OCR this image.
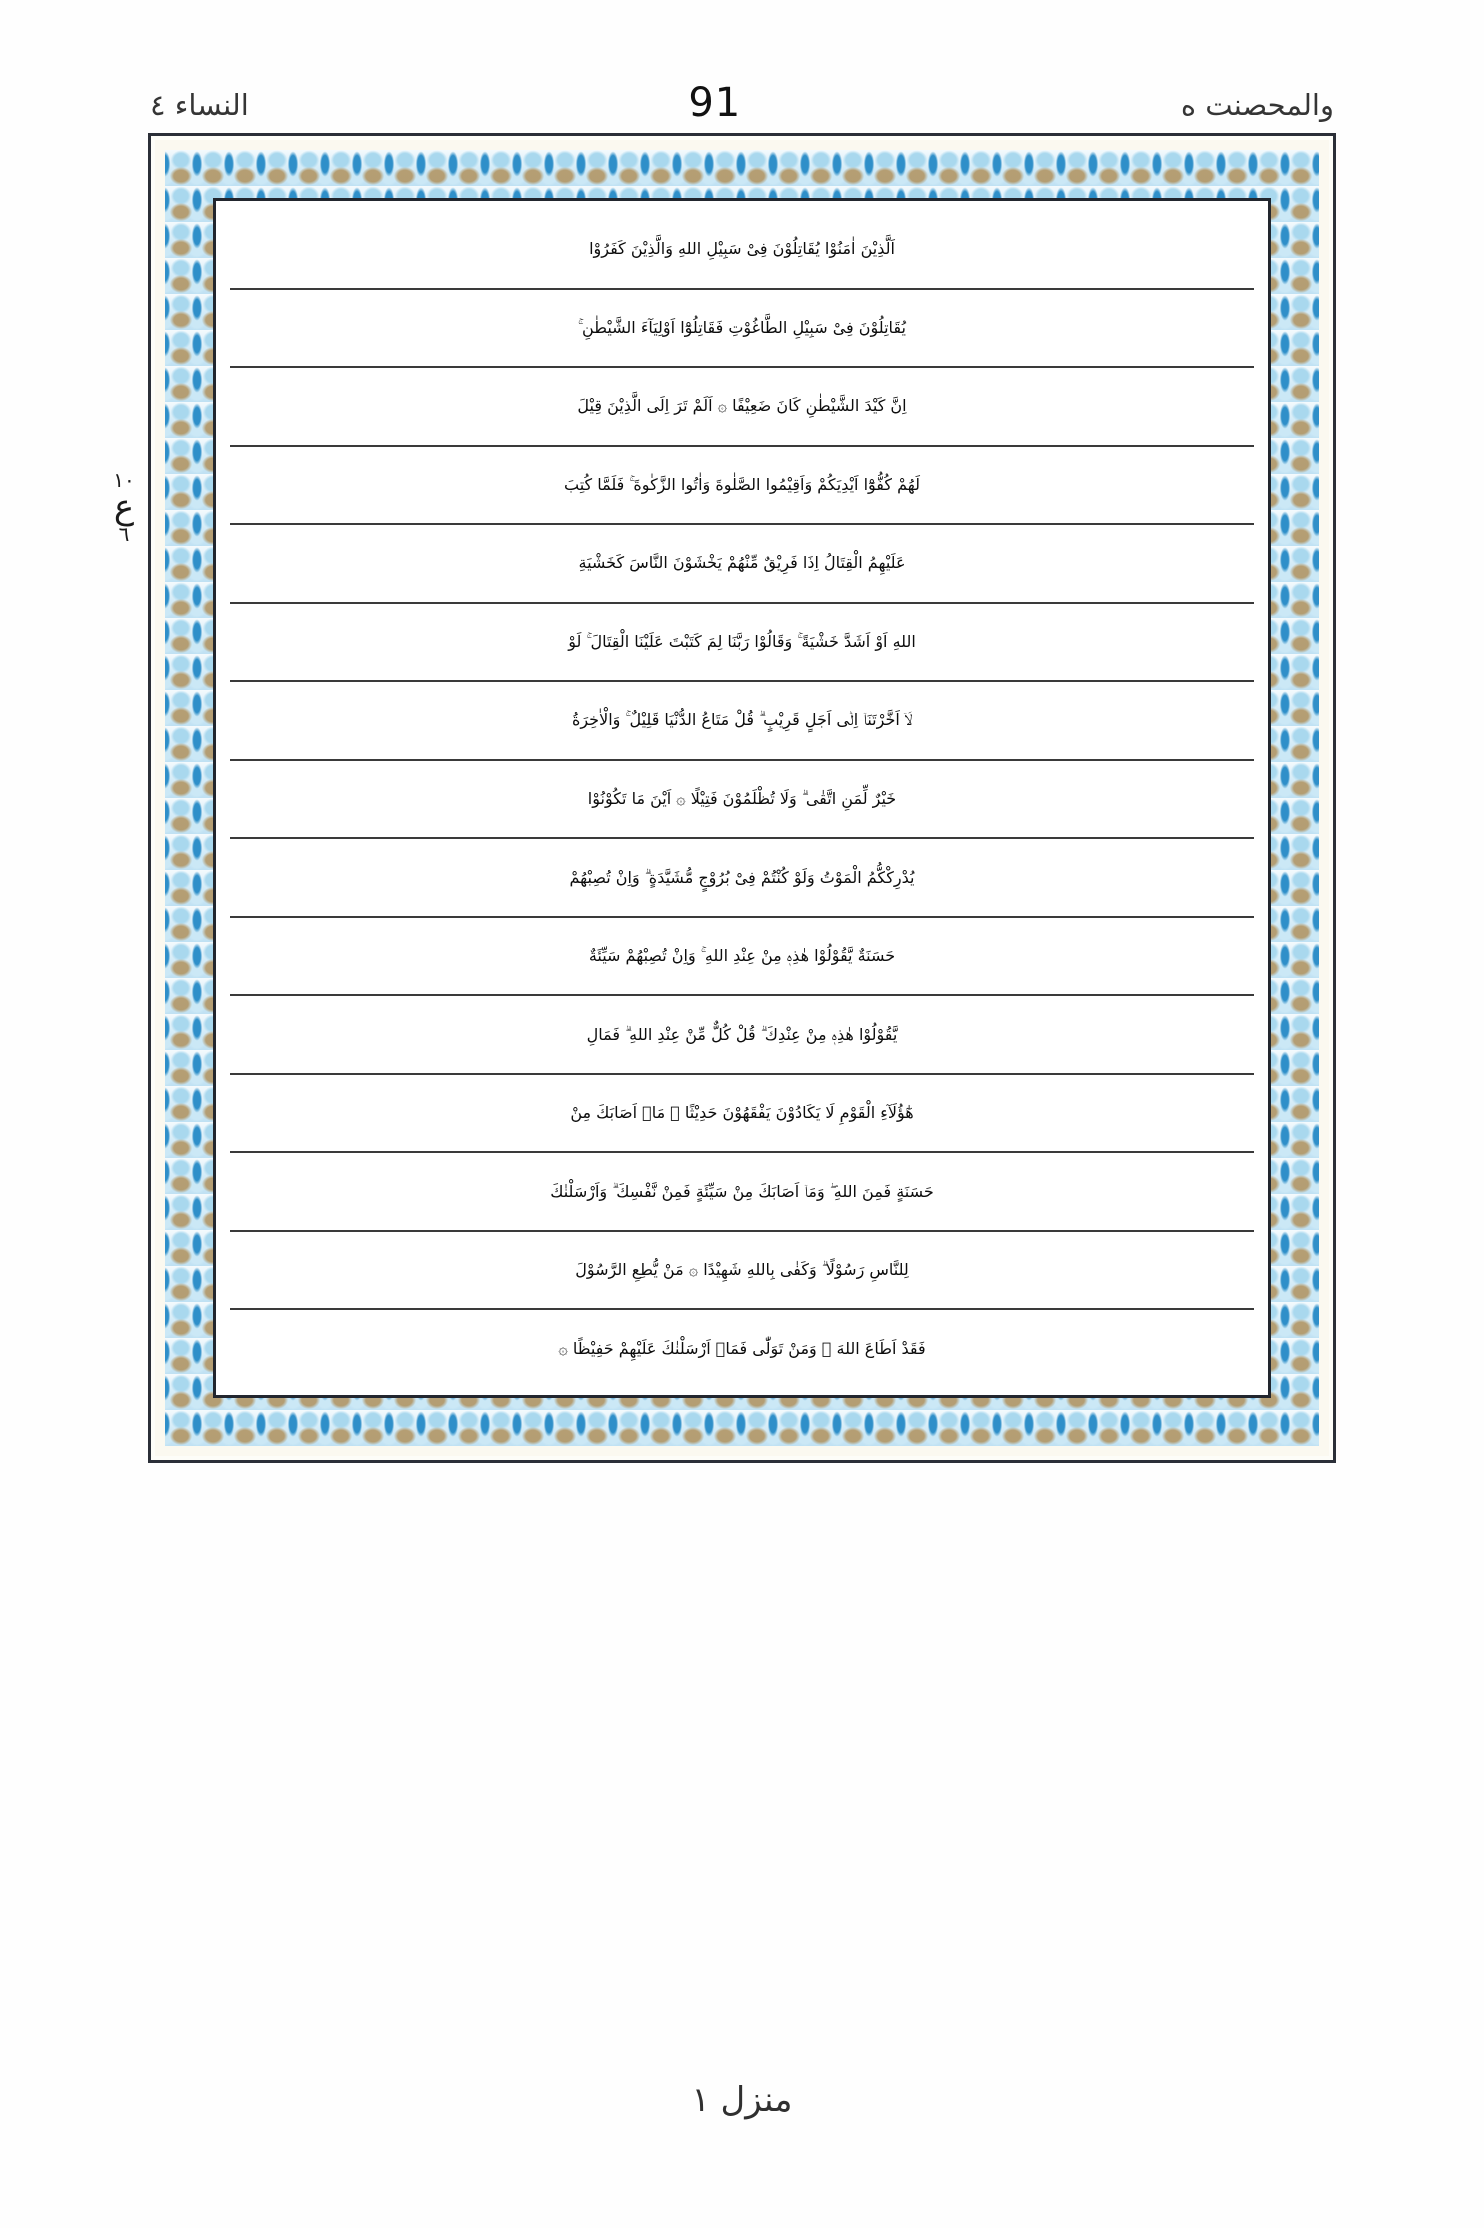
النساء ٤	91	والمحصنت ه
١٠
ع
٦
اَلَّذِيْنَ اٰمَنُوْا يُقَاتِلُوْنَ فِىْ سَبِيْلِ اللهِ وَالَّذِيْنَ كَفَرُوْا
يُقَاتِلُوْنَ فِىْ سَبِيْلِ الطَّاغُوْتِ فَقَاتِلُوْٓا اَوْلِيَآءَ الشَّيْطٰنِ ۚ
اِنَّ كَيْدَ الشَّيْطٰنِ كَانَ ضَعِيْفًا ۞ اَلَمْ تَرَ اِلَى الَّذِيْنَ قِيْلَ
لَهُمْ كُفُّوْٓا اَيْدِيَكُمْ وَاَقِيْمُوا الصَّلٰوةَ وَاٰتُوا الزَّكٰوةَ ۚ فَلَمَّا كُتِبَ
عَلَيْهِمُ الْقِتَالُ اِذَا فَرِيْقٌ مِّنْهُمْ يَخْشَوْنَ النَّاسَ كَخَشْيَةِ
اللهِ اَوْ اَشَدَّ خَشْيَةً ۚ وَقَالُوْا رَبَّنَا لِمَ كَتَبْتَ عَلَيْنَا الْقِتَالَ ۚ لَوْ
لَاۤ اَخَّرْتَنَاۤ اِلٰۤى اَجَلٍ قَرِيْبٍ ۗ قُلْ مَتَاعُ الدُّنْيَا قَلِيْلٌ ۚ وَالْاٰخِرَةُ
خَيْرٌ لِّمَنِ اتَّقٰى ۗ وَلَا تُظْلَمُوْنَ فَتِيْلًا ۞ اَيْنَ مَا تَكُوْنُوْا
يُدْرِكْكُّمُ الْمَوْتُ وَلَوْ كُنْتُمْ فِىْ بُرُوْجٍ مُّشَيَّدَةٍ ۗ وَاِنْ تُصِبْهُمْ
حَسَنَةٌ يَّقُوْلُوْا هٰذِهٖ مِنْ عِنْدِ اللهِ ۚ وَاِنْ تُصِبْهُمْ سَيِّئَةٌ
يَّقُوْلُوْا هٰذِهٖ مِنْ عِنْدِكَ ۗ قُلْ كُلٌّ مِّنْ عِنْدِ اللهِ ۗ فَمَالِ
هٰٓؤُلَآءِ الْقَوْمِ لَا يَكَادُوْنَ يَفْقَهُوْنَ حَدِيْثًا ۞ مَاۤ اَصَابَكَ مِنْ
حَسَنَةٍ فَمِنَ اللهِ ۖ وَمَاۤ اَصَابَكَ مِنْ سَيِّئَةٍ فَمِنْ نَّفْسِكَ ۗ وَاَرْسَلْنٰكَ
لِلنَّاسِ رَسُوْلًا ۗ وَكَفٰى بِاللهِ شَهِيْدًا ۞ مَنْ يُّطِعِ الرَّسُوْلَ
فَقَدْ اَطَاعَ اللهَ ۚ وَمَنْ تَوَلّٰى فَمَاۤ اَرْسَلْنٰكَ عَلَيْهِمْ حَفِيْظًا ۞
منزل ١
